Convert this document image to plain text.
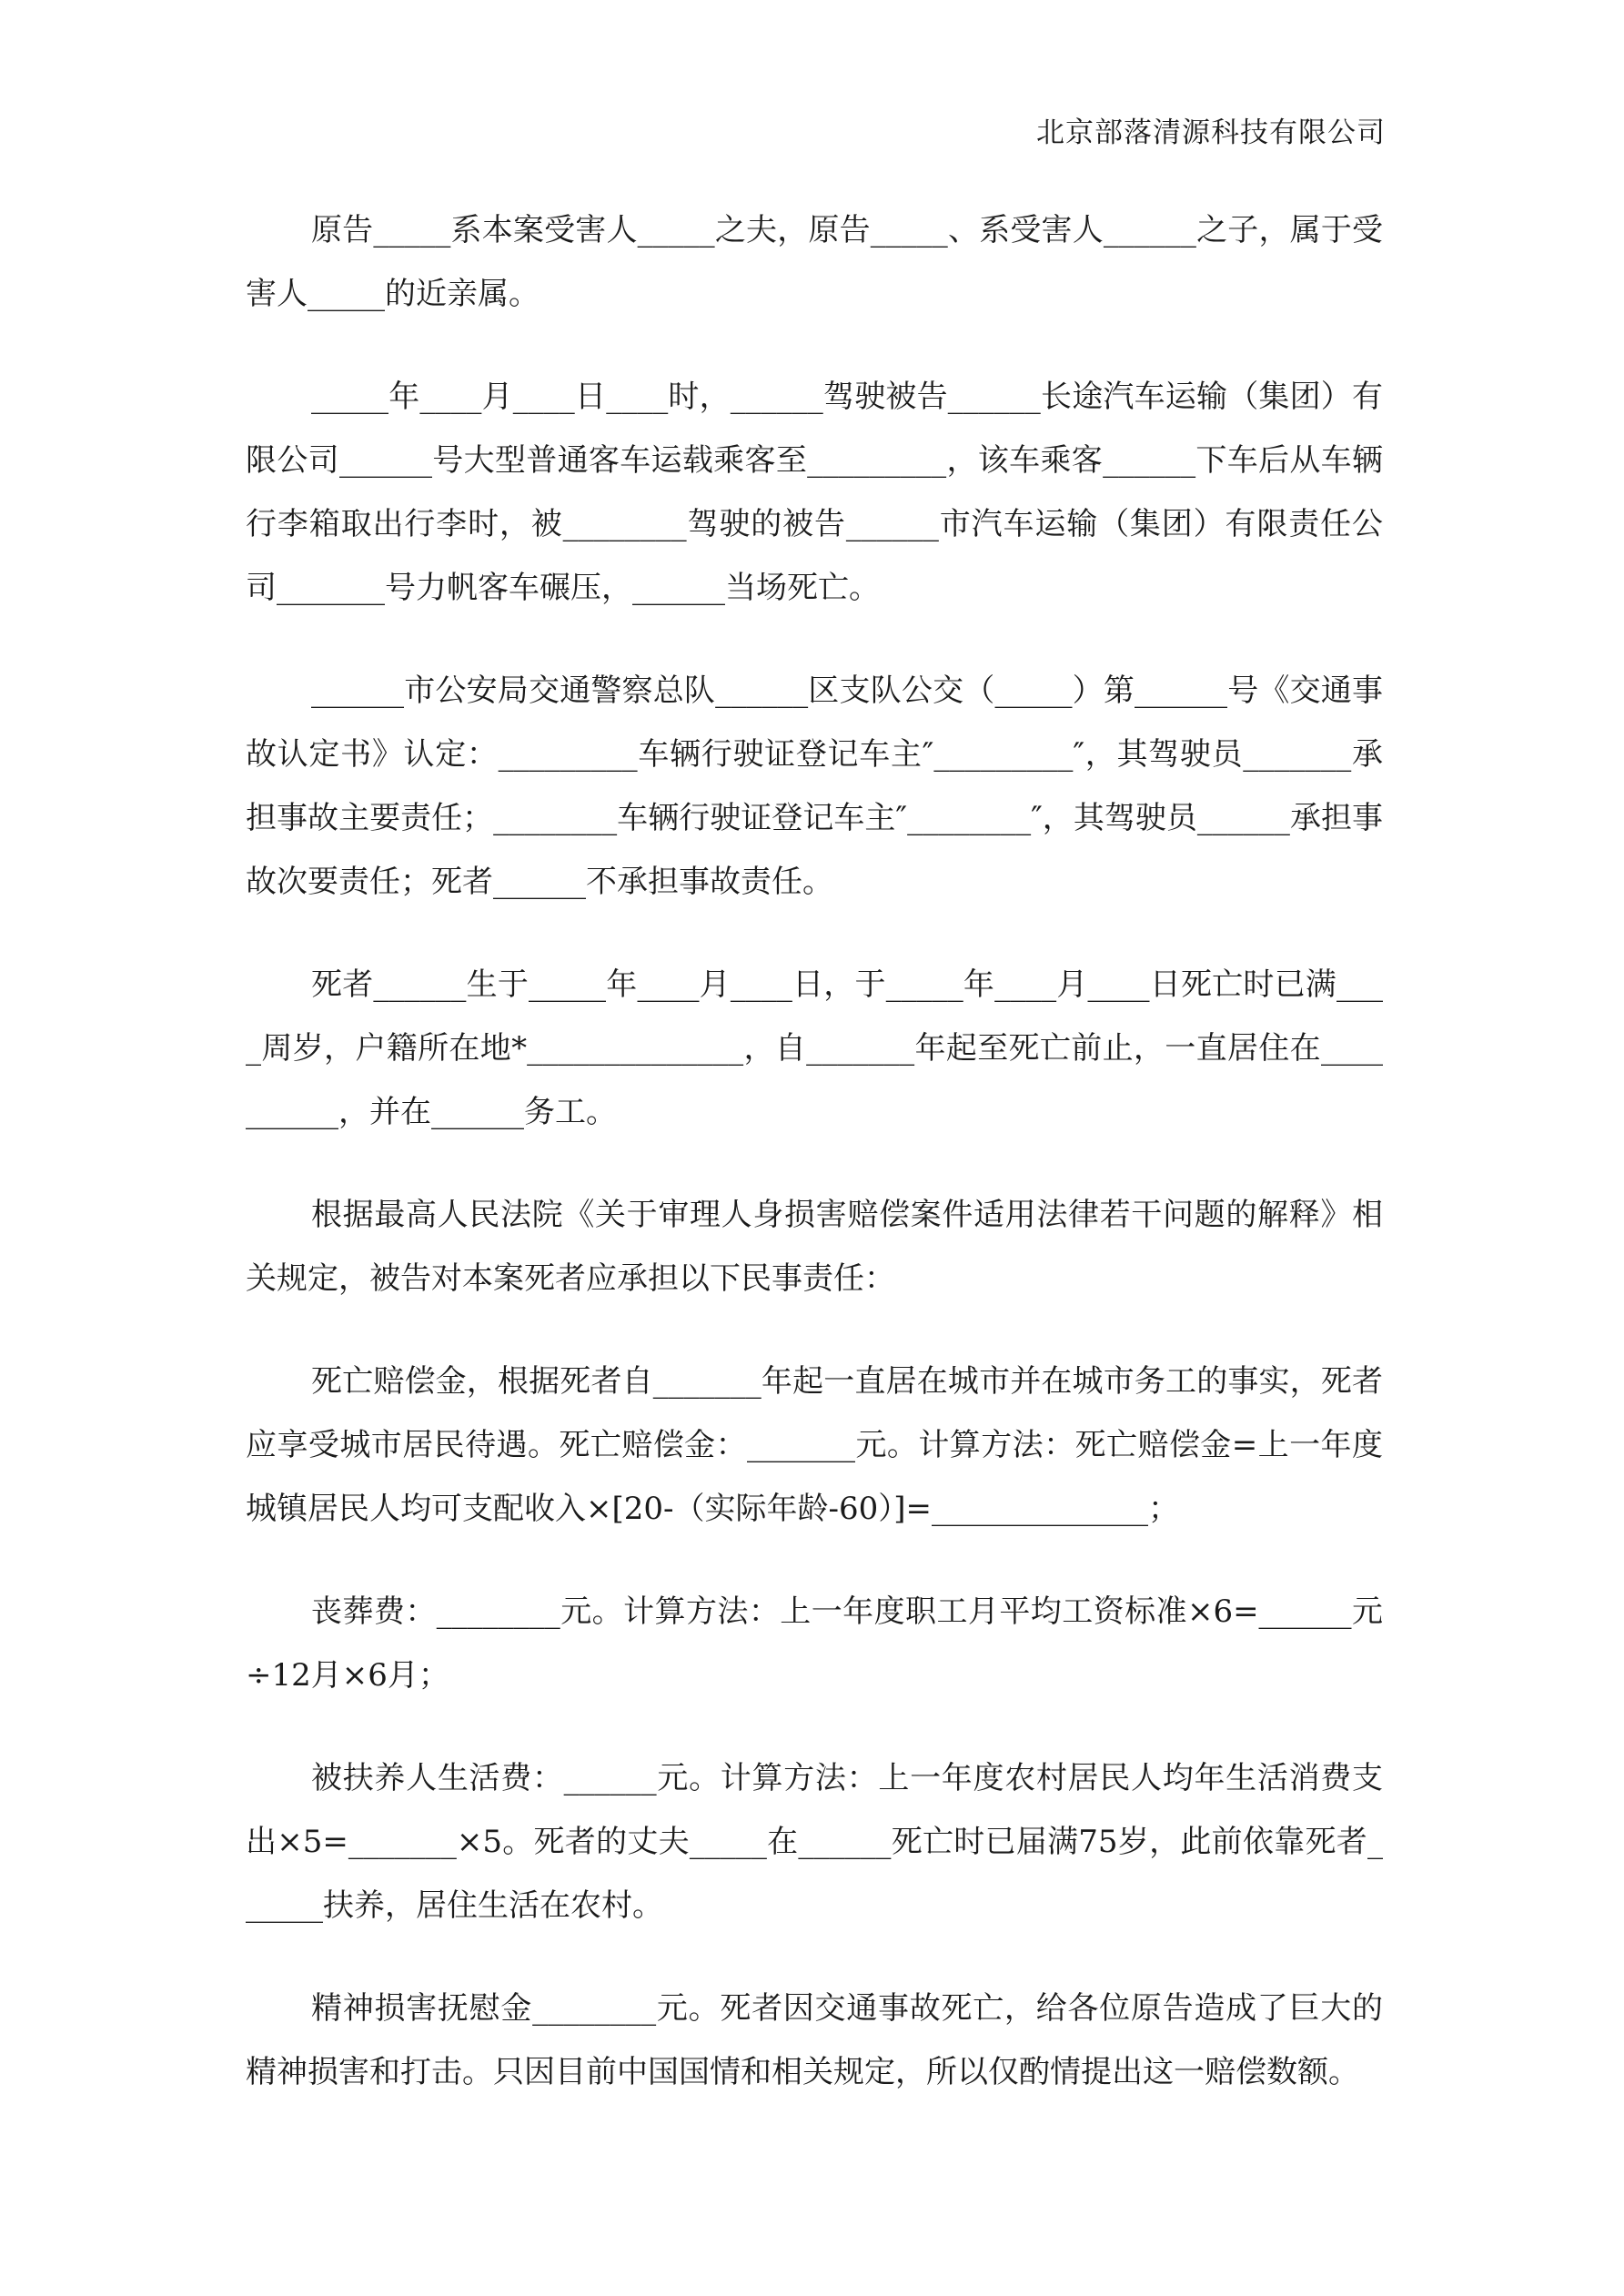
北京部落清源科技有限公司

原告_____系本案受害人_____之夫，原告_____、系受害人______之子，属于受害人_____的近亲属。

_____年____月____日____时，______驾驶被告______长途汽车运输（集团）有限公司______号大型普通客车运载乘客至_________，该车乘客______下车后从车辆行李箱取出行李时，被________驾驶的被告______市汽车运输（集团）有限责任公司_______号力帆客车碾压，______当场死亡。

______市公安局交通警察总队______区支队公交（_____）第______号《交通事故认定书》认定：_________车辆行驶证登记车主″_________″，其驾驶员_______承担事故主要责任；________车辆行驶证登记车主″________″，其驾驶员______承担事故次要责任；死者______不承担事故责任。

死者______生于_____年____月____日，于_____年____月____日死亡时已满____周岁，户籍所在地*______________，自_______年起至死亡前止，一直居住在__________，并在______务工。

根据最高人民法院《关于审理人身损害赔偿案件适用法律若干问题的解释》相关规定，被告对本案死者应承担以下民事责任：

死亡赔偿金，根据死者自_______年起一直居在城市并在城市务工的事实，死者应享受城市居民待遇。死亡赔偿金：_______元。计算方法：死亡赔偿金=上一年度城镇居民人均可支配收入×[20-（实际年龄-60）]=______________；

丧葬费：________元。计算方法：上一年度职工月平均工资标准×6=______元÷12月×6月；

被扶养人生活费：______元。计算方法：上一年度农村居民人均年生活消费支出×5=_______×5。死者的丈夫_____在______死亡时已届满75岁，此前依靠死者______扶养，居住生活在农村。

精神损害抚慰金________元。死者因交通事故死亡，给各位原告造成了巨大的精神损害和打击。只因目前中国国情和相关规定，所以仅酌情提出这一赔偿数额。
